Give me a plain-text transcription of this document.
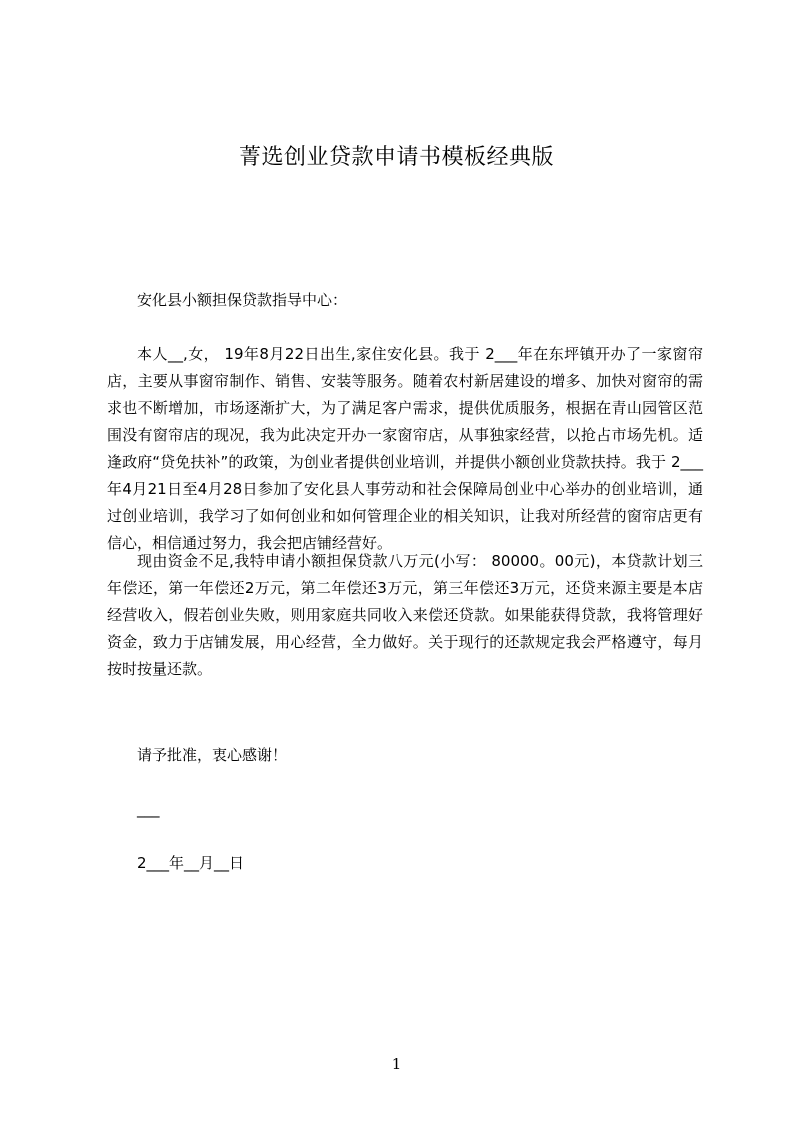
菁选创业贷款申请书模板经典版
安化县小额担保贷款指导中心：
本人__,女， 19年8月22日出生,家住安化县。我于 2___年在东坪镇开办了一家窗帘店，主要从事窗帘制作、销售、安装等服务。随着农村新居建设的增多、加快对窗帘的需求也不断增加，市场逐渐扩大，为了满足客户需求，提供优质服务，根据在青山园管区范围没有窗帘店的现况，我为此决定开办一家窗帘店，从事独家经营，以抢占市场先机。适逢政府“贷免扶补”的政策，为创业者提供创业培训，并提供小额创业贷款扶持。我于 2___年4月21日至4月28日参加了安化县人事劳动和社会保障局创业中心举办的创业培训，通过创业培训，我学习了如何创业和如何管理企业的相关知识，让我对所经营的窗帘店更有信心，相信通过努力，我会把店铺经营好。
现由资金不足,我特申请小额担保贷款八万元(小写： 80000。00元)，本贷款计划三年偿还，第一年偿还2万元，第二年偿还3万元，第三年偿还3万元，还贷来源主要是本店经营收入，假若创业失败，则用家庭共同收入来偿还贷款。如果能获得贷款，我将管理好资金，致力于店铺发展，用心经营，全力做好。关于现行的还款规定我会严格遵守，每月按时按量还款。
请予批准，衷心感谢！
___
2___年__月__日
1
